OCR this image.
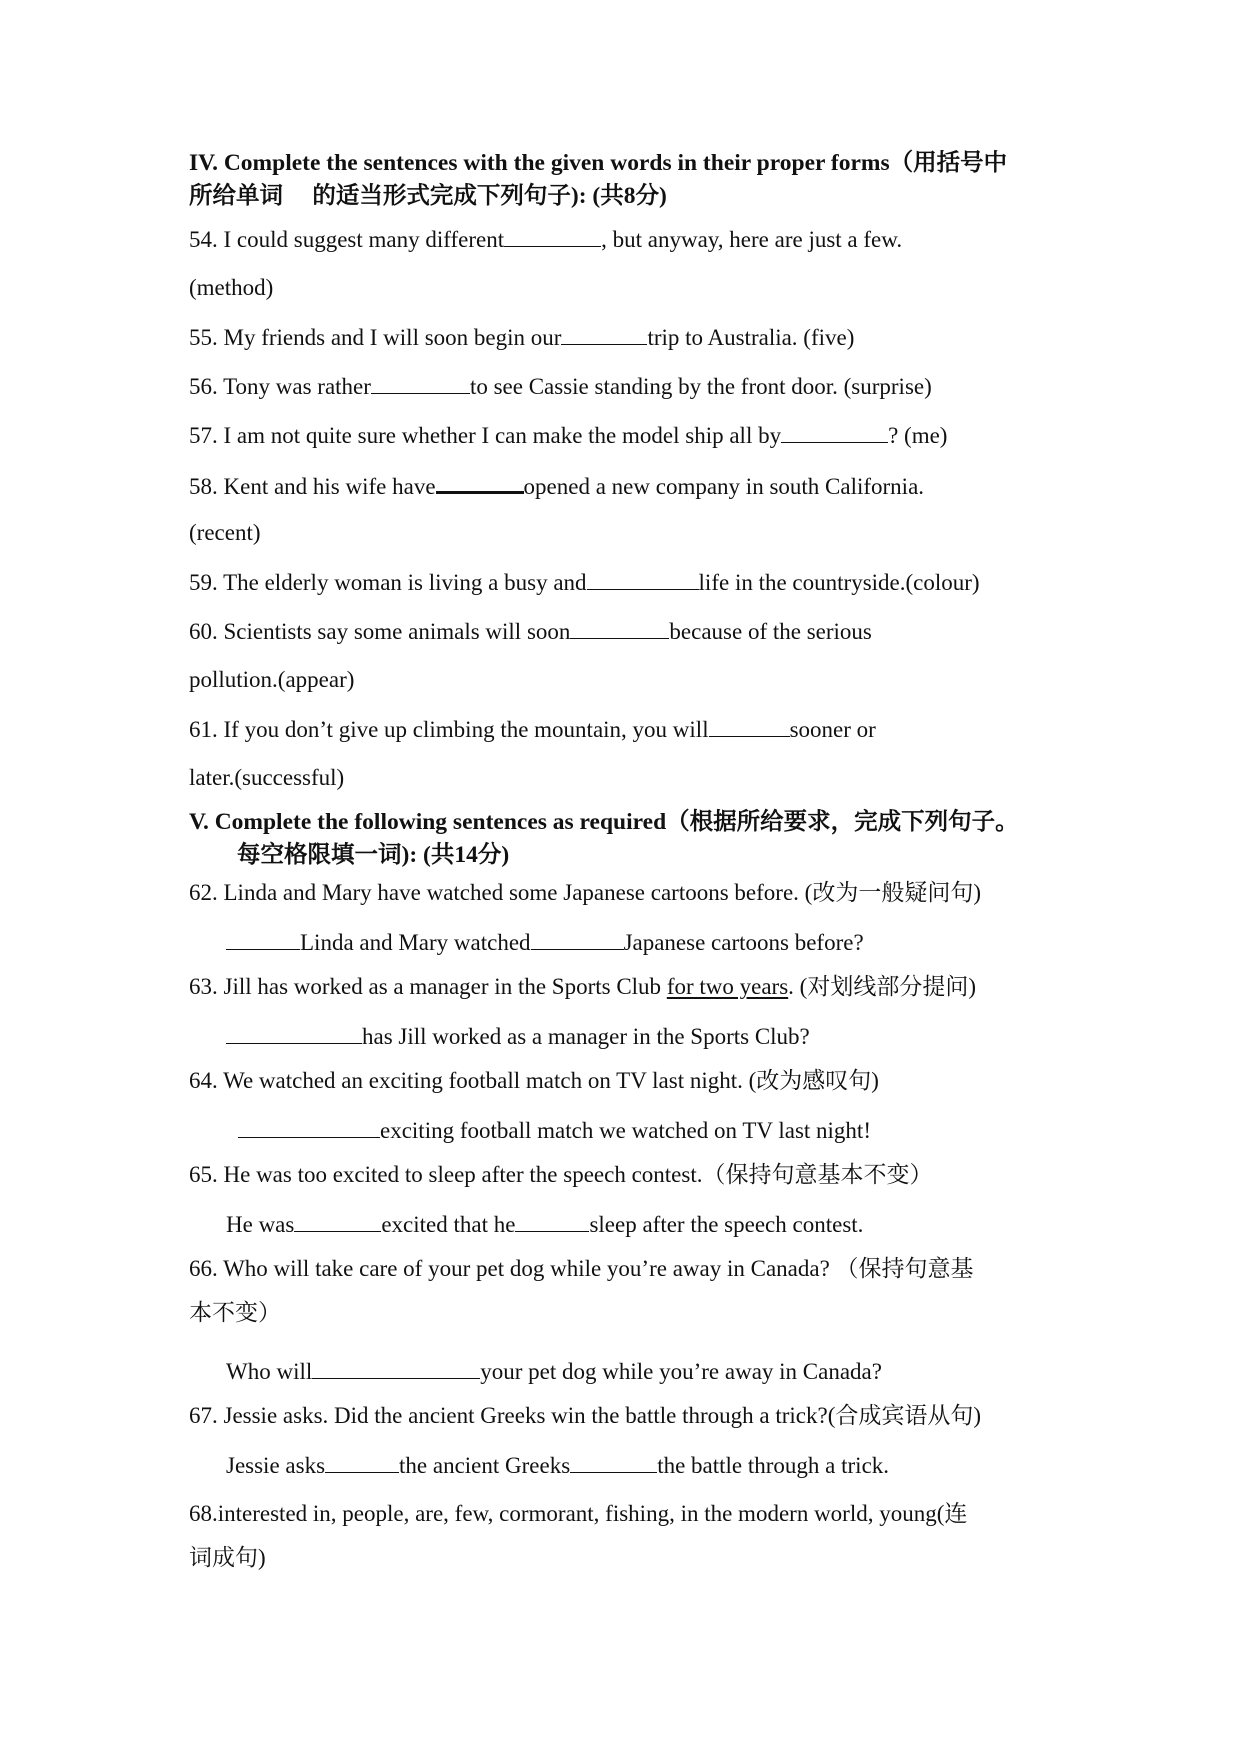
IV. Complete the sentences with the given words in their proper forms（用括号中
所给单词 　的适当形式完成下列句子): (共8分)
54. I could suggest many different	, but anyway, here are just a few.
(method)
55. My friends and I will soon begin our	trip to Australia. (five)
56. Tony was rather	to see Cassie standing by the front door. (surprise)
57. I am not quite sure whether I can make the model ship all by	? (me)
58. Kent and his wife have	opened a new company in south California.
(recent)
59. The elderly woman is living a busy and	life in the countryside.(colour)
60. Scientists say some animals will soon	because of the serious
pollution.(appear)
61. If you don’t give up climbing the mountain, you will	sooner or
later.(successful)
V. Complete the following sentences as required（根据所给要求，完成下列句子。
每空格限填一词): (共14分)
62. Linda and Mary have watched some Japanese cartoons before. (改为一般疑问句)
Linda and Mary watched	Japanese cartoons before?
63. Jill has worked as a manager in the Sports Club for two years. (对划线部分提问)
has Jill worked as a manager in the Sports Club?
64. We watched an exciting football match on TV last night. (改为感叹句)
exciting football match we watched on TV last night!
65. He was too excited to sleep after the speech contest.（保持句意基本不变）
He was	excited that he	sleep after the speech contest.
66. Who will take care of your pet dog while you’re away in Canada? （保持句意基
本不变）
Who will	your pet dog while you’re away in Canada?
67. Jessie asks. Did the ancient Greeks win the battle through a trick?(合成宾语从句)
Jessie asks	the ancient Greeks	the battle through a trick.
68.interested in, people, are, few, cormorant, fishing, in the modern world, young(连
词成句)
